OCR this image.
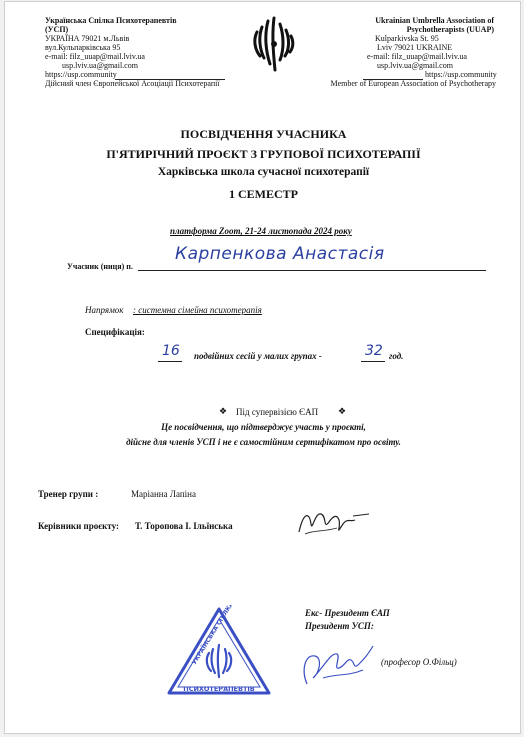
Українська Спілка Психотерапевтів
(УСП)
УКРАЇНА 79021 м.Львів
вул.Кульпарківська 95
e-mail: filz_uuap@mail.lviv.ua
usp.lviv.ua@gmail.com
https://usp.community
Дійсний член Європейської Асоціації Психотерапії
Ukrainian Umbrella Association of
Psychotherapists (UUAP)
Kulparkivska St. 95
Lviv 79021 UKRAINE
e-mail: filz_uuap@mail.lviv.ua
usp.lviv.ua@gmail.com
https://usp.community
Member of European Association of Psychotherapy
ПОСВІДЧЕННЯ УЧАСНИКА
П'ЯТИРІЧНИЙ ПРОЄКТ З ГРУПОВОЇ ПСИХОТЕРАПІЇ
Харківська школа сучасної психотерапії
1 СЕМЕСТР
платформа Zoom, 21-24 листопада 2024 року
Учасник (ниця) п.
Карпенкова Анастасія
Напрямок : системна сімейна психотерапія
Специфікація:
16 подвійних сесій у малих групах -	32 год.
❖ Під супервізією ЄАП ❖
Це посвідчення, що підтверджує участь у проєкті,
дійсне для членів УСП і не є самостійним сертифікатом про освіту.
Тренер групи :	Маріанна Лапіна
Керівники проєкту: Т. Торопова І. Ільїнська
Екс- Президент ЄАП
Президент УСП:
(професор О.Фільц)
УКРАЇНСЬКА СПІЛКА
ПСИХОТЕРАПЕВТІВ
